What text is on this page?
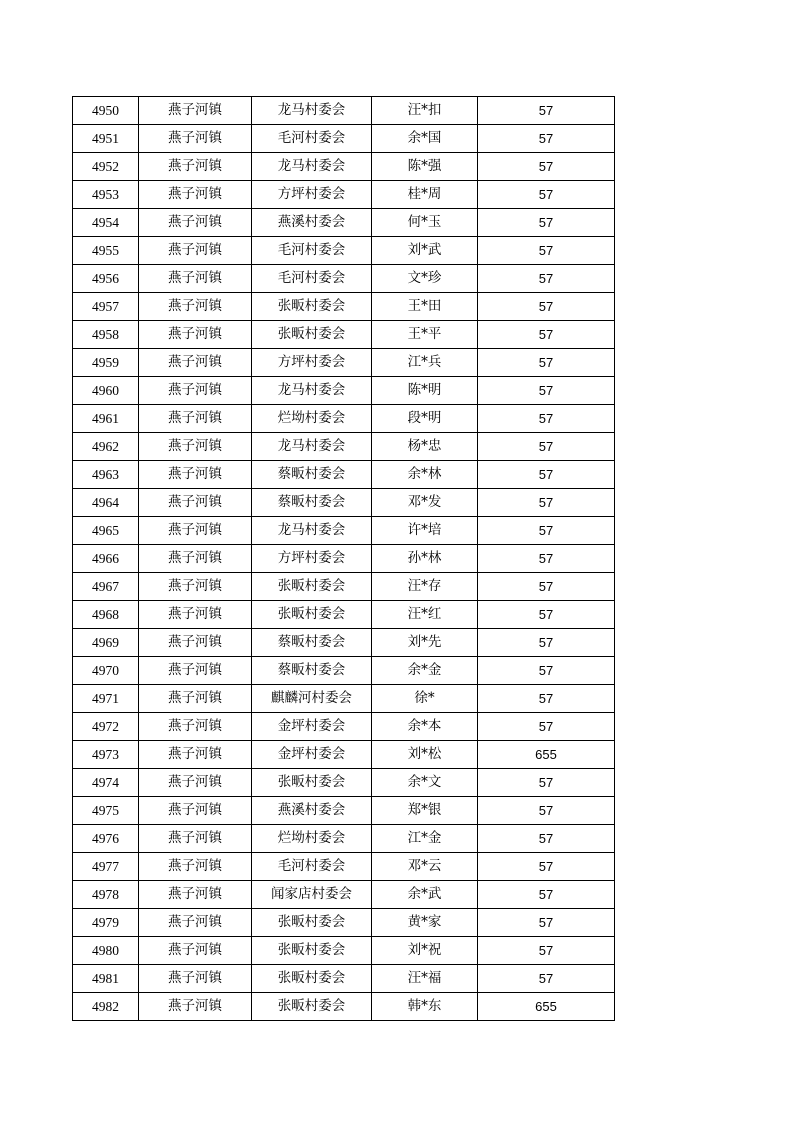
4950	燕子河镇	龙马村委会	汪*扣	57
4951	燕子河镇	毛河村委会	余*国	57
4952	燕子河镇	龙马村委会	陈*强	57
4953	燕子河镇	方坪村委会	桂*周	57
4954	燕子河镇	燕溪村委会	何*玉	57
4955	燕子河镇	毛河村委会	刘*武	57
4956	燕子河镇	毛河村委会	文*珍	57
4957	燕子河镇	张畈村委会	王*田	57
4958	燕子河镇	张畈村委会	王*平	57
4959	燕子河镇	方坪村委会	江*兵	57
4960	燕子河镇	龙马村委会	陈*明	57
4961	燕子河镇	烂坳村委会	段*明	57
4962	燕子河镇	龙马村委会	杨*忠	57
4963	燕子河镇	蔡畈村委会	余*林	57
4964	燕子河镇	蔡畈村委会	邓*发	57
4965	燕子河镇	龙马村委会	许*培	57
4966	燕子河镇	方坪村委会	孙*林	57
4967	燕子河镇	张畈村委会	汪*存	57
4968	燕子河镇	张畈村委会	汪*红	57
4969	燕子河镇	蔡畈村委会	刘*先	57
4970	燕子河镇	蔡畈村委会	余*金	57
4971	燕子河镇	麒麟河村委会	徐*	57
4972	燕子河镇	金坪村委会	余*本	57
4973	燕子河镇	金坪村委会	刘*松	655
4974	燕子河镇	张畈村委会	余*文	57
4975	燕子河镇	燕溪村委会	郑*银	57
4976	燕子河镇	烂坳村委会	江*金	57
4977	燕子河镇	毛河村委会	邓*云	57
4978	燕子河镇	闻家店村委会	余*武	57
4979	燕子河镇	张畈村委会	黄*家	57
4980	燕子河镇	张畈村委会	刘*祝	57
4981	燕子河镇	张畈村委会	汪*福	57
4982	燕子河镇	张畈村委会	韩*东	655
